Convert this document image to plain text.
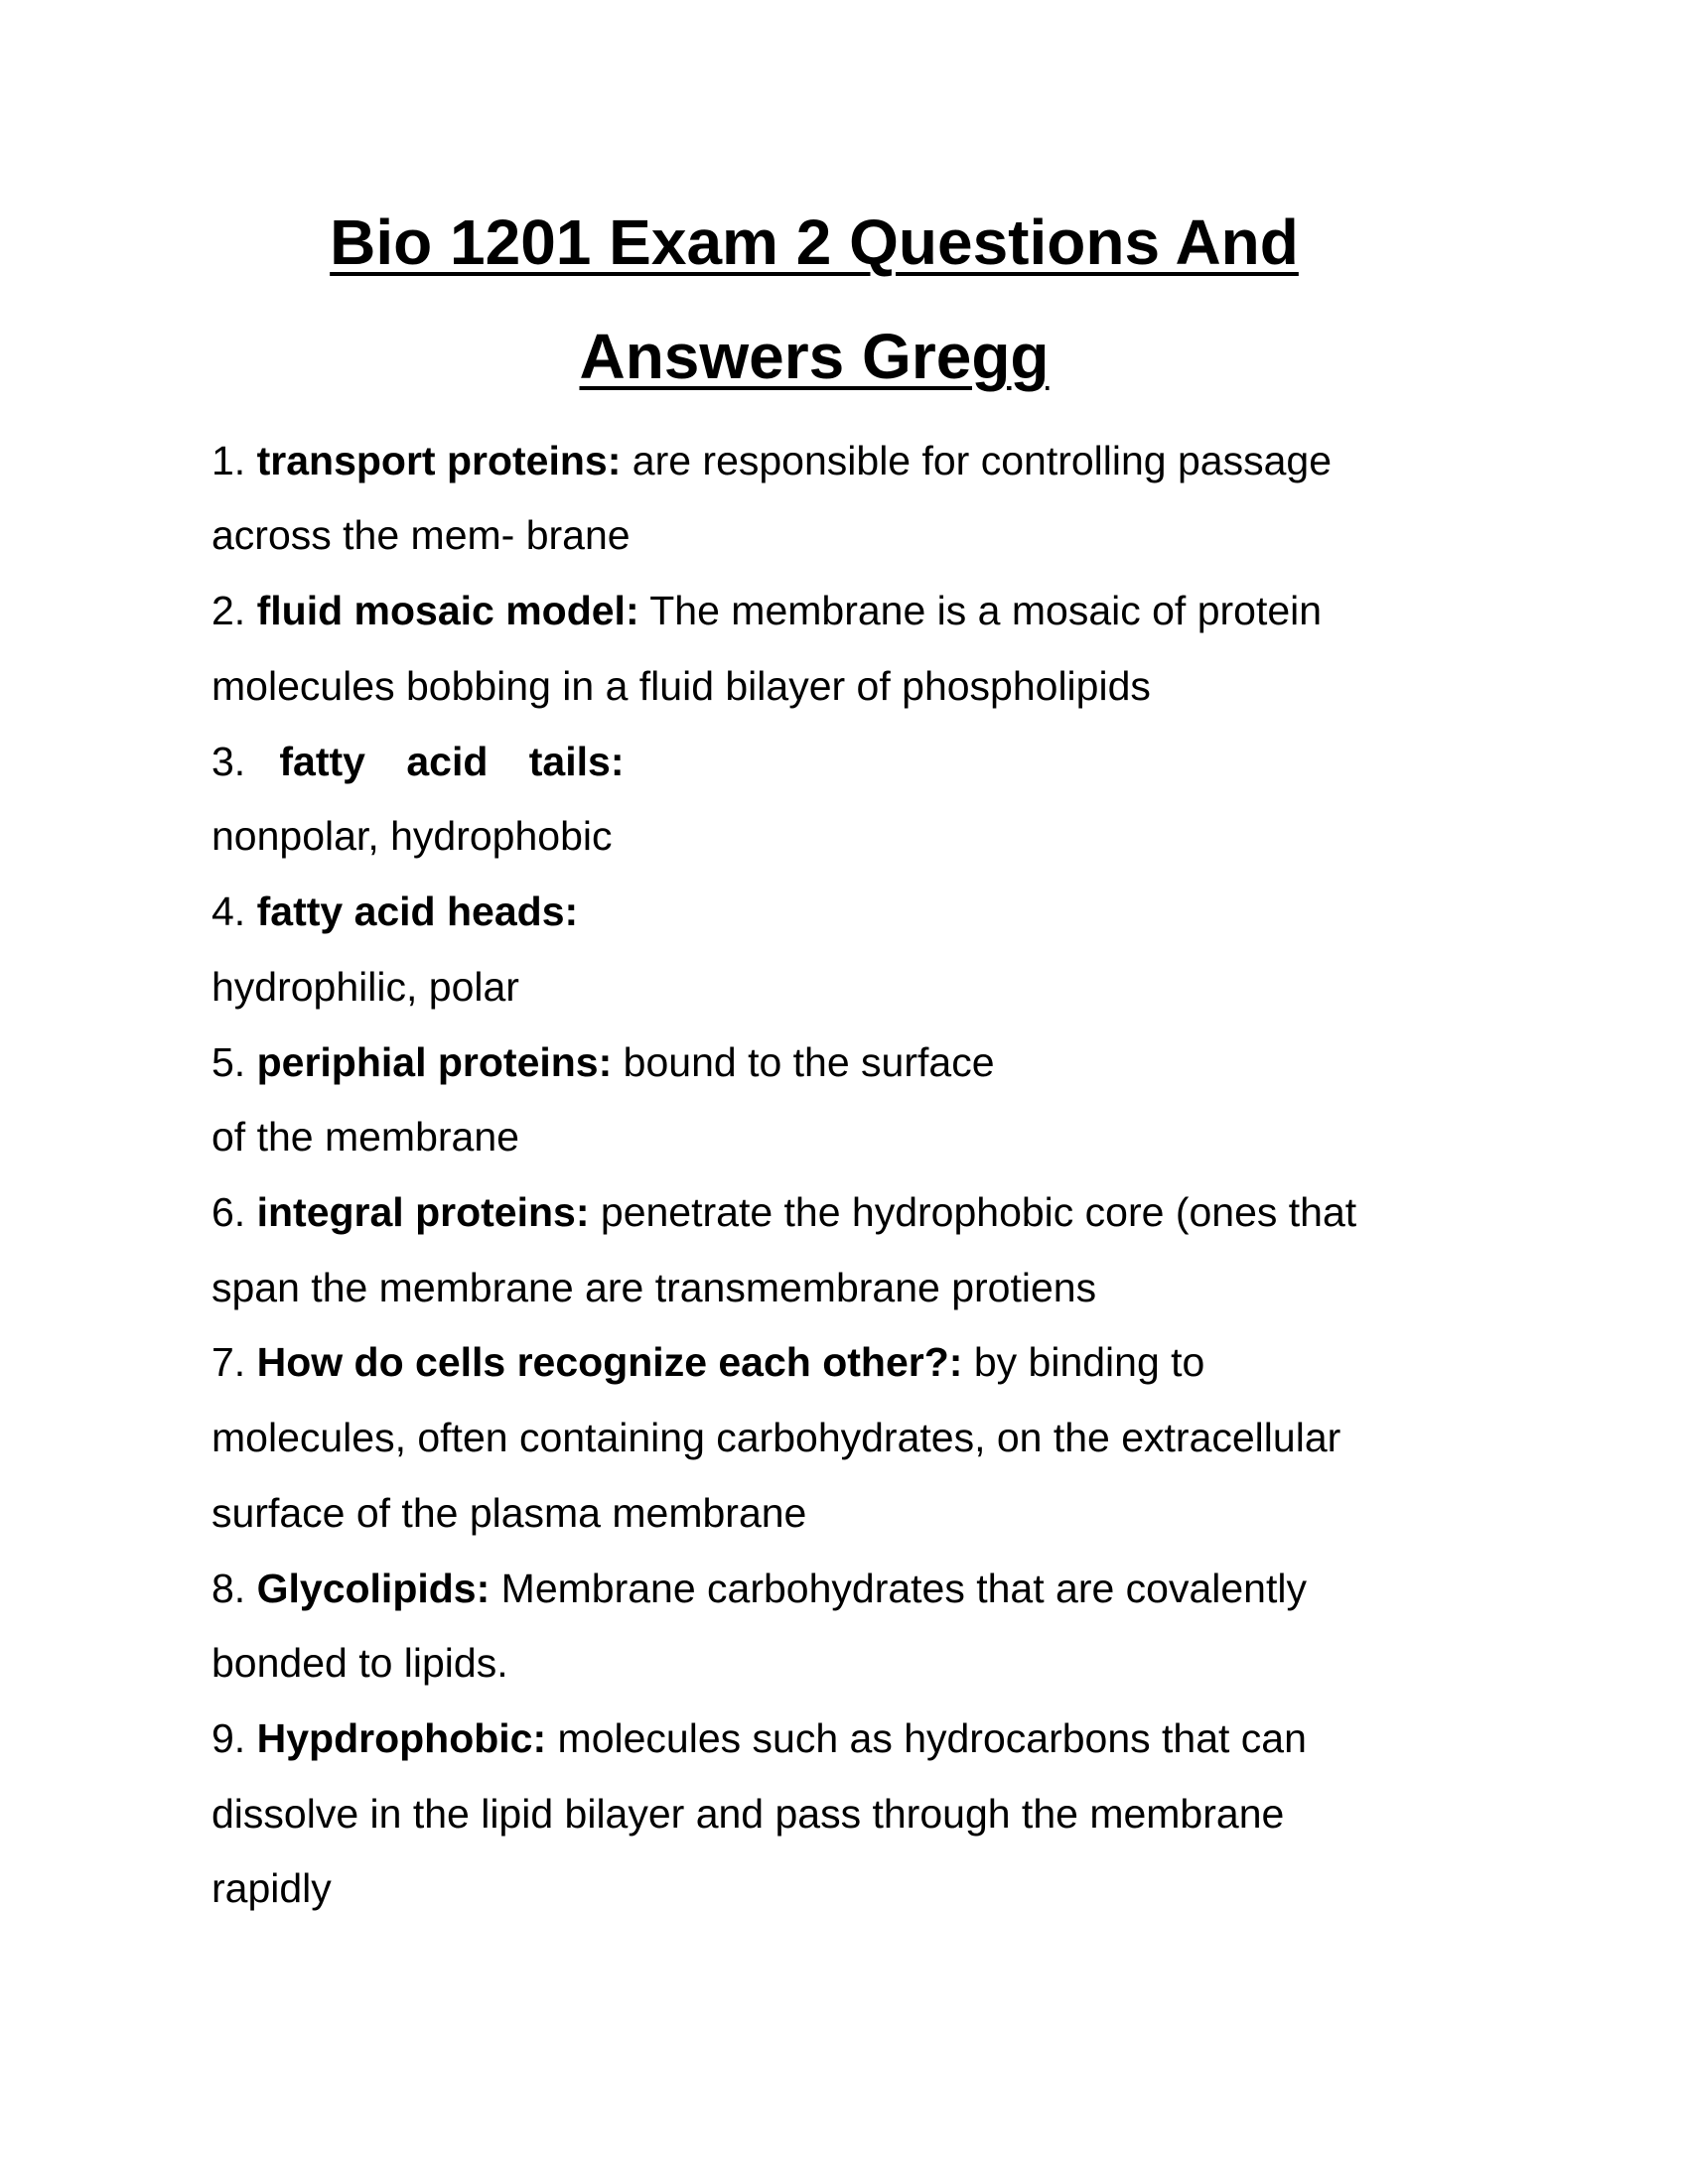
Bio 1201 Exam 2 Questions And
Answers Gregg
1. transport proteins: are responsible for controlling passage
across the mem- brane
2. fluid mosaic model: The membrane is a mosaic of protein
molecules bobbing in a fluid bilayer of phospholipids
3. fatty acid tails:
nonpolar, hydrophobic
4. fatty acid heads:
hydrophilic, polar
5. periphial proteins: bound to the surface
of the membrane
6. integral proteins: penetrate the hydrophobic core (ones that
span the membrane are transmembrane protiens
7. How do cells recognize each other?: by binding to
molecules, often containing carbohydrates, on the extracellular
surface of the plasma membrane
8. Glycolipids: Membrane carbohydrates that are covalently
bonded to lipids.
9. Hypdrophobic: molecules such as hydrocarbons that can
dissolve in the lipid bilayer and pass through the membrane
rapidly
